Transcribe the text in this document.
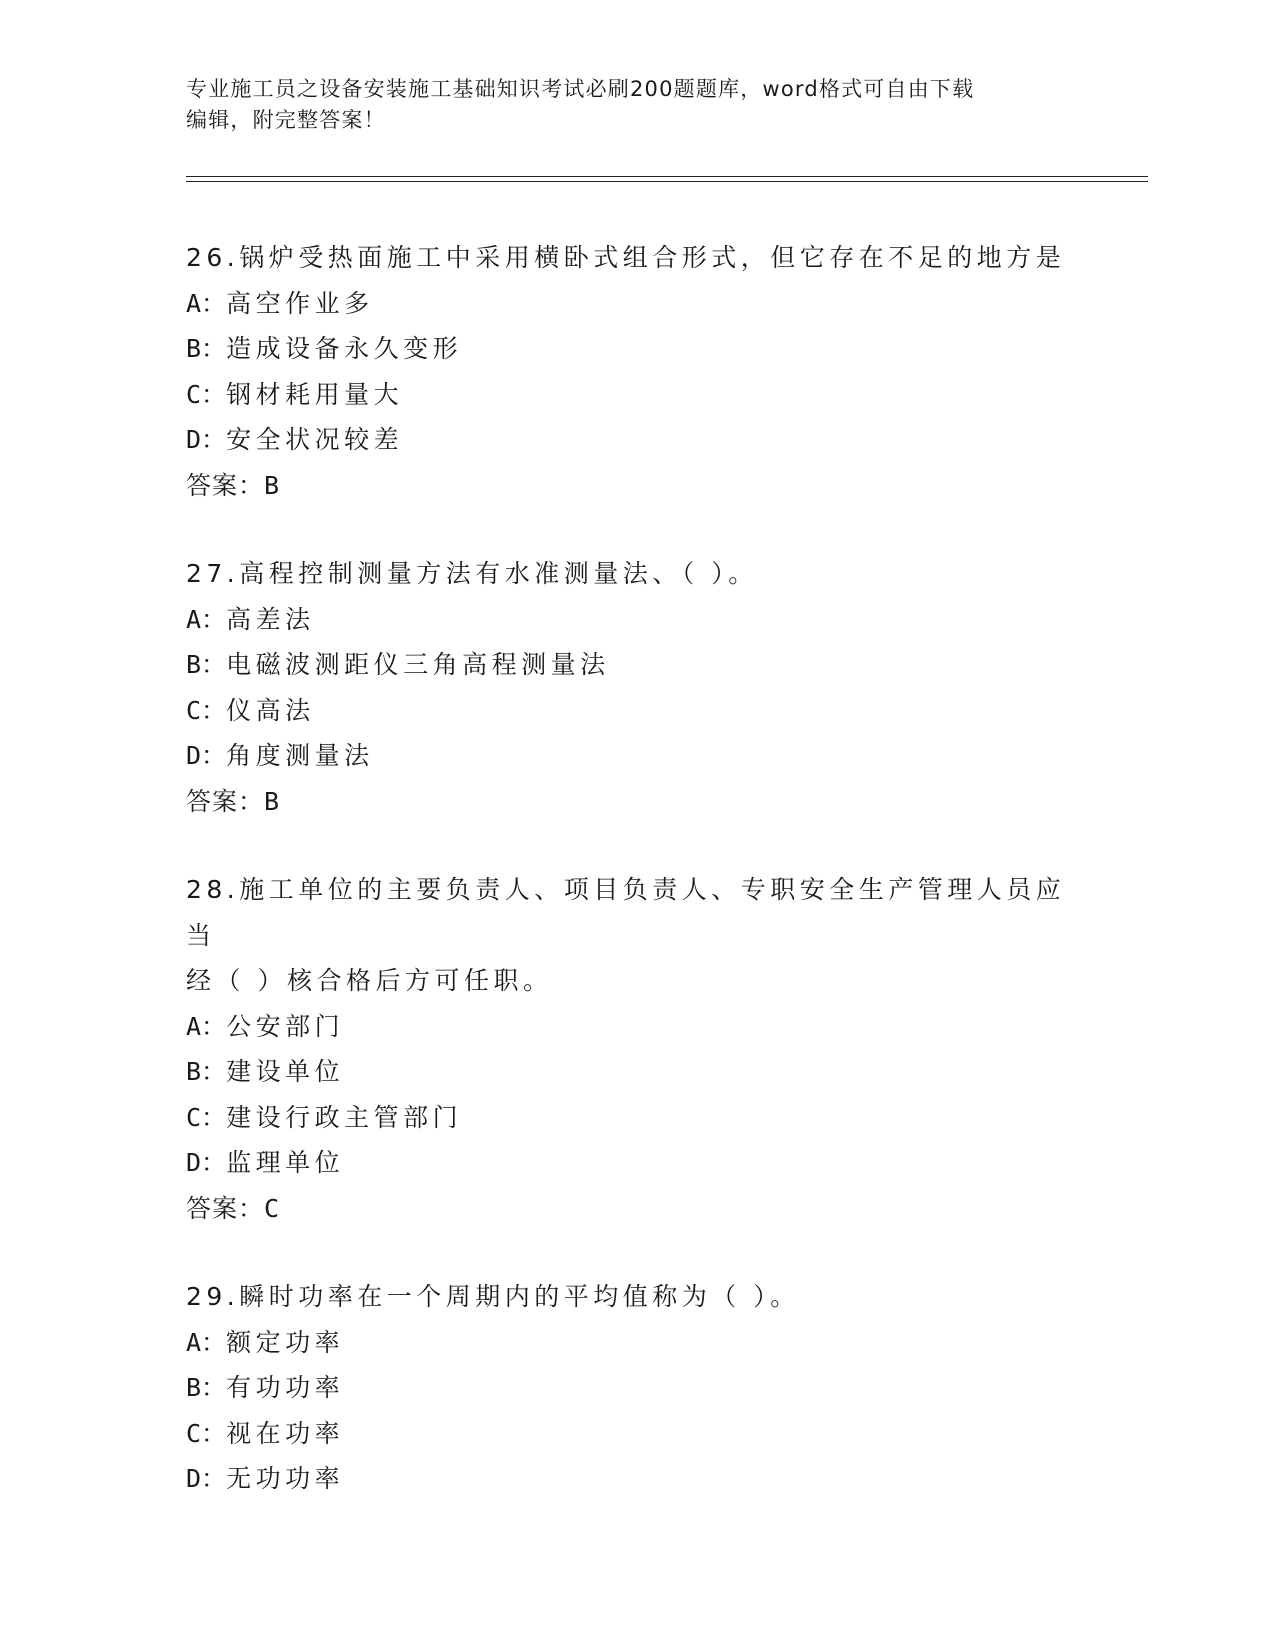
专业施工员之设备安装施工基础知识考试必刷200题题库，word格式可自由下载
编辑，附完整答案！
26.锅炉受热面施工中采用横卧式组合形式，但它存在不足的地方是
A：高空作业多
B：造成设备永久变形
C：钢材耗用量大
D：安全状况较差
答案：B
27.高程控制测量方法有水准测量法、（ ）。
A：高差法
B：电磁波测距仪三角高程测量法
C：仪高法
D：角度测量法
答案：B
28.施工单位的主要负责人、项目负责人、专职安全生产管理人员应当
经（ ）核合格后方可任职。
A：公安部门
B：建设单位
C：建设行政主管部门
D：监理单位
答案：C
29.瞬时功率在一个周期内的平均值称为（ ）。
A：额定功率
B：有功功率
C：视在功率
D：无功功率
